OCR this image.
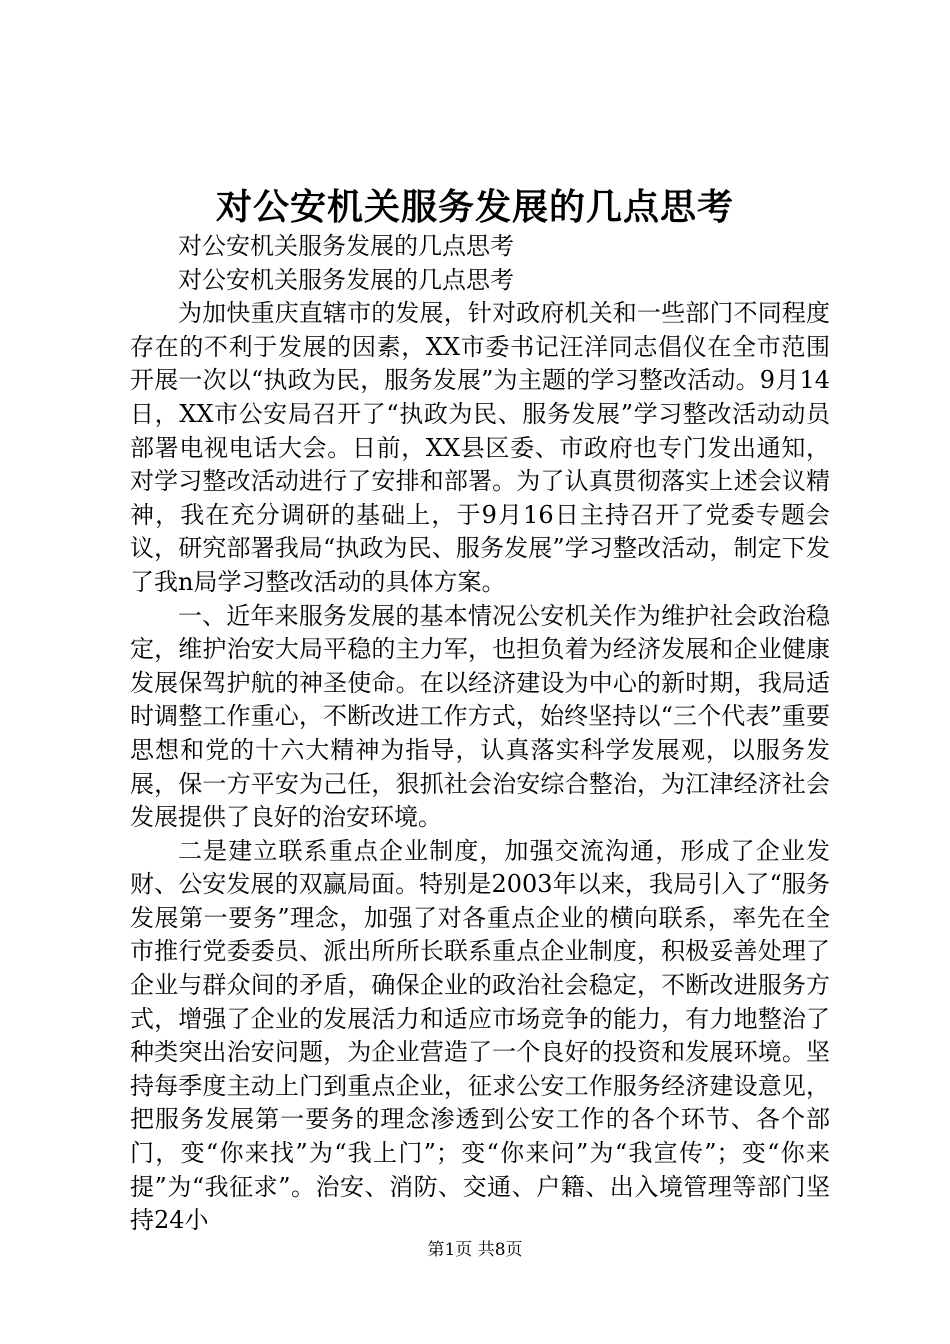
对公安机关服务发展的几点思考

对公安机关服务发展的几点思考

对公安机关服务发展的几点思考

为加快重庆直辖市的发展，针对政府机关和一些部门不同程度存在的不利于发展的因素，XX市委书记汪洋同志倡仪在全市范围开展一次以“执政为民，服务发展”为主题的学习整改活动。9月14日，XX市公安局召开了“执政为民、服务发展”学习整改活动动员部署电视电话大会。日前，XX县区委、市政府也专门发出通知，对学习整改活动进行了安排和部署。为了认真贯彻落实上述会议精神，我在充分调研的基础上，于9月16日主持召开了党委专题会议，研究部署我局“执政为民、服务发展”学习整改活动，制定下发了我n局学习整改活动的具体方案。

一、近年来服务发展的基本情况公安机关作为维护社会政治稳定，维护治安大局平稳的主力军，也担负着为经济发展和企业健康发展保驾护航的神圣使命。在以经济建设为中心的新时期，我局适时调整工作重心，不断改进工作方式，始终坚持以“三个代表”重要思想和党的十六大精神为指导，认真落实科学发展观，以服务发展，保一方平安为己任，狠抓社会治安综合整治，为江津经济社会发展提供了良好的治安环境。

二是建立联系重点企业制度，加强交流沟通，形成了企业发财、公安发展的双赢局面。特别是2003年以来，我局引入了“服务发展第一要务”理念，加强了对各重点企业的横向联系，率先在全市推行党委委员、派出所所长联系重点企业制度，积极妥善处理了企业与群众间的矛盾，确保企业的政治社会稳定，不断改进服务方式，增强了企业的发展活力和适应市场竞争的能力，有力地整治了种类突出治安问题，为企业营造了一个良好的投资和发展环境。坚持每季度主动上门到重点企业，征求公安工作服务经济建设意见，把服务发展第一要务的理念渗透到公安工作的各个环节、各个部门，变“你来找”为“我上门”；变“你来问”为“我宣传”；变“你来提”为“我征求”。治安、消防、交通、户籍、出入境管理等部门坚持24小

第1页 共8页
